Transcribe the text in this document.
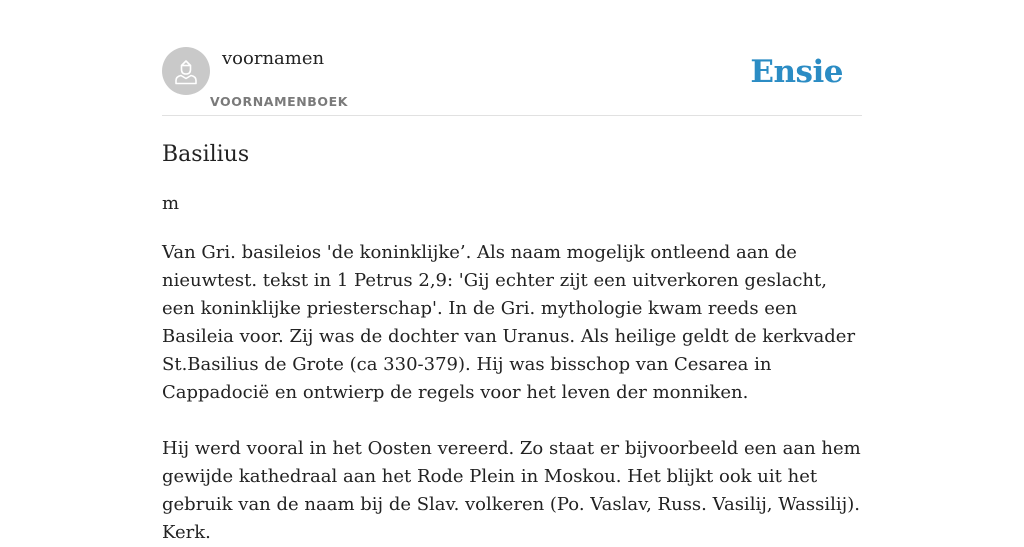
voornamen
VOORNAMENBOEK
Ensie
Basilius

m

Van Gri. basileios 'de koninklijke’. Als naam mogelijk ontleend aan de nieuwtest. tekst in 1 Petrus 2,9: 'Gij echter zijt een uitverkoren geslacht, een koninklijke priesterschap'. In de Gri. mythologie kwam reeds een Basileia voor. Zij was de dochter van Uranus. Als heilige geldt de kerkvader St.Basilius de Grote (ca 330-379). Hij was bisschop van Cesarea in Cappadocië en ontwierp de regels voor het leven der monniken.

Hij werd vooral in het Oosten vereerd. Zo staat er bijvoorbeeld een aan hem gewijde kathedraal aan het Rode Plein in Moskou. Het blijkt ook uit het gebruik van de naam bij de Slav. volkeren (Po. Vaslav, Russ. Vasilij, Wassilij). Kerk.
